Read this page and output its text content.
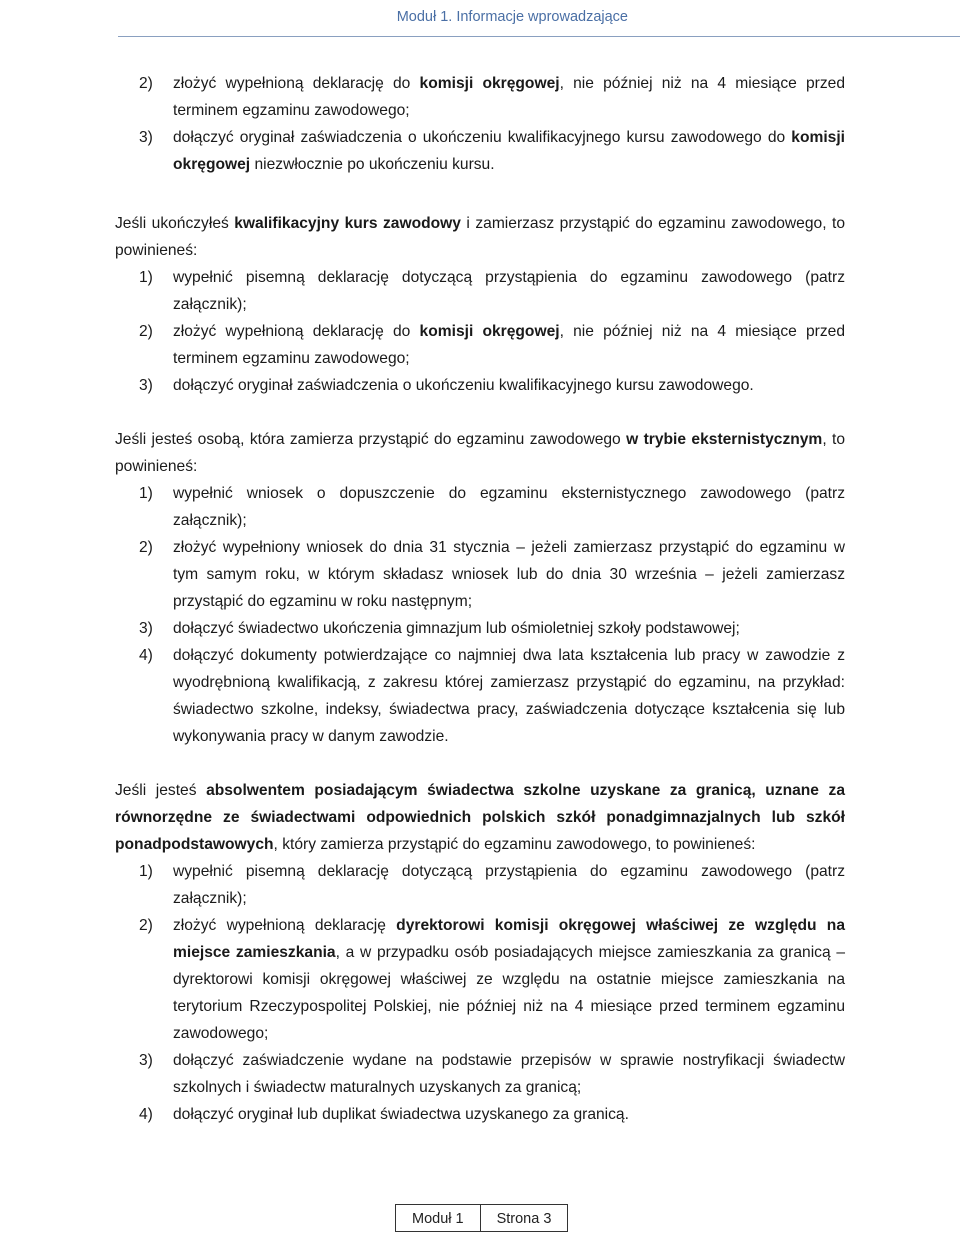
Moduł 1. Informacje wprowadzające
2)	złożyć wypełnioną deklarację do komisji okręgowej, nie później niż na 4 miesiące przed terminem egzaminu zawodowego;
3)	dołączyć oryginał zaświadczenia o ukończeniu kwalifikacyjnego kursu zawodowego do komisji okręgowej niezwłocznie po ukończeniu kursu.

Jeśli ukończyłeś kwalifikacyjny kurs zawodowy i zamierzasz przystąpić do egzaminu zawodowego, to powinieneś:

1)	wypełnić pisemną deklarację dotyczącą przystąpienia do egzaminu zawodowego (patrz załącznik);
2)	złożyć wypełnioną deklarację do komisji okręgowej, nie później niż na 4 miesiące przed terminem egzaminu zawodowego;
3)	dołączyć oryginał zaświadczenia o ukończeniu kwalifikacyjnego kursu zawodowego.

Jeśli jesteś osobą, która zamierza przystąpić do egzaminu zawodowego w trybie eksternistycznym, to powinieneś:

1)	wypełnić wniosek o dopuszczenie do egzaminu eksternistycznego zawodowego (patrz załącznik);
2)	złożyć wypełniony wniosek do dnia 31 stycznia – jeżeli zamierzasz przystąpić do egzaminu w tym samym roku, w którym składasz wniosek lub do dnia 30 września – jeżeli zamierzasz przystąpić do egzaminu w roku następnym;
3)	dołączyć świadectwo ukończenia gimnazjum lub ośmioletniej szkoły podstawowej;
4)	dołączyć dokumenty potwierdzające co najmniej dwa lata kształcenia lub pracy w zawodzie z wyodrębnioną kwalifikacją, z zakresu której zamierzasz przystąpić do egzaminu, na przykład: świadectwo szkolne, indeksy, świadectwa pracy, zaświadczenia dotyczące kształcenia się lub wykonywania pracy w danym zawodzie.

Jeśli jesteś absolwentem posiadającym świadectwa szkolne uzyskane za granicą, uznane za równorzędne ze świadectwami odpowiednich polskich szkół ponadgimnazjalnych lub szkół ponadpodstawowych, który zamierza przystąpić do egzaminu zawodowego, to powinieneś:

1)	wypełnić pisemną deklarację dotyczącą przystąpienia do egzaminu zawodowego (patrz załącznik);
2)	złożyć wypełnioną deklarację dyrektorowi komisji okręgowej właściwej ze względu na miejsce zamieszkania, a w przypadku osób posiadających miejsce zamieszkania za granicą – dyrektorowi komisji okręgowej właściwej ze względu na ostatnie miejsce zamieszkania na terytorium Rzeczypospolitej Polskiej, nie później niż na 4 miesiące przed terminem egzaminu zawodowego;
3)	dołączyć zaświadczenie wydane na podstawie przepisów w sprawie nostryfikacji świadectw szkolnych i świadectw maturalnych uzyskanych za granicą;
4)	dołączyć oryginał lub duplikat świadectwa uzyskanego za granicą.
Moduł 1	Strona 3
